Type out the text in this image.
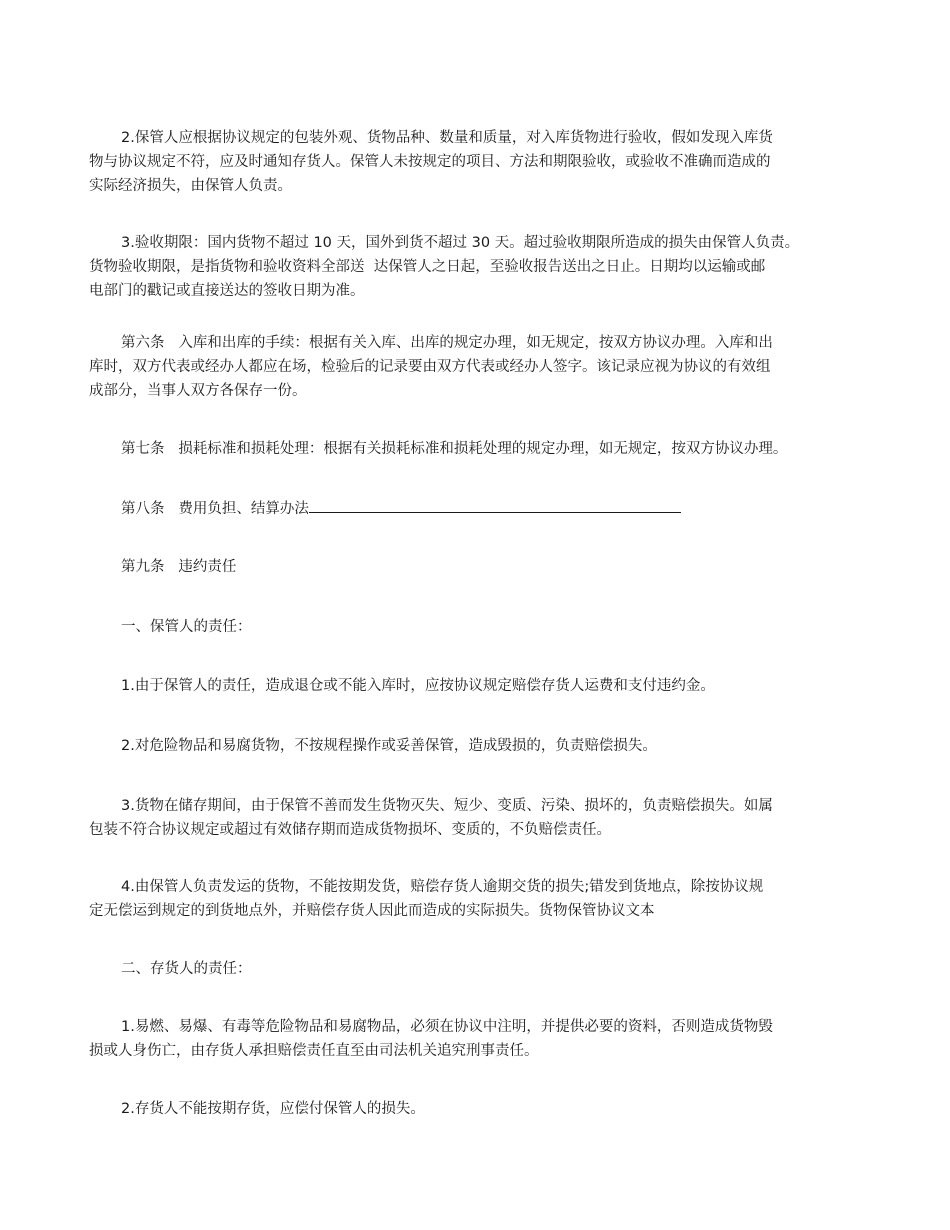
2.保管人应根据协议规定的包装外观、货物品种、数量和质量，对入库货物进行验收，假如发现入库货
物与协议规定不符，应及时通知存货人。保管人未按规定的项目、方法和期限验收，或验收不准确而造成的
实际经济损失，由保管人负责。

3.验收期限：国内货物不超过 10 天，国外到货不超过 30 天。超过验收期限所造成的损失由保管人负责。
货物验收期限，是指货物和验收资料全部送  达保管人之日起，至验收报告送出之日止。日期均以运输或邮
电部门的戳记或直接送达的签收日期为准。

第六条   入库和出库的手续：根据有关入库、出库的规定办理，如无规定，按双方协议办理。入库和出
库时，双方代表或经办人都应在场，检验后的记录要由双方代表或经办人签字。该记录应视为协议的有效组
成部分，当事人双方各保存一份。

第七条   损耗标准和损耗处理：根据有关损耗标准和损耗处理的规定办理，如无规定，按双方协议办理。

第八条   费用负担、结算办法

第九条   违约责任

一、保管人的责任：

1.由于保管人的责任，造成退仓或不能入库时，应按协议规定赔偿存货人运费和支付违约金。

2.对危险物品和易腐货物，不按规程操作或妥善保管，造成毁损的，负责赔偿损失。

3.货物在储存期间，由于保管不善而发生货物灭失、短少、变质、污染、损坏的，负责赔偿损失。如属
包装不符合协议规定或超过有效储存期而造成货物损坏、变质的，不负赔偿责任。

4.由保管人负责发运的货物，不能按期发货，赔偿存货人逾期交货的损失;错发到货地点，除按协议规
定无偿运到规定的到货地点外，并赔偿存货人因此而造成的实际损失。货物保管协议文本

二、存货人的责任：

1.易燃、易爆、有毒等危险物品和易腐物品，必须在协议中注明，并提供必要的资料，否则造成货物毁
损或人身伤亡，由存货人承担赔偿责任直至由司法机关追究刑事责任。

2.存货人不能按期存货，应偿付保管人的损失。
